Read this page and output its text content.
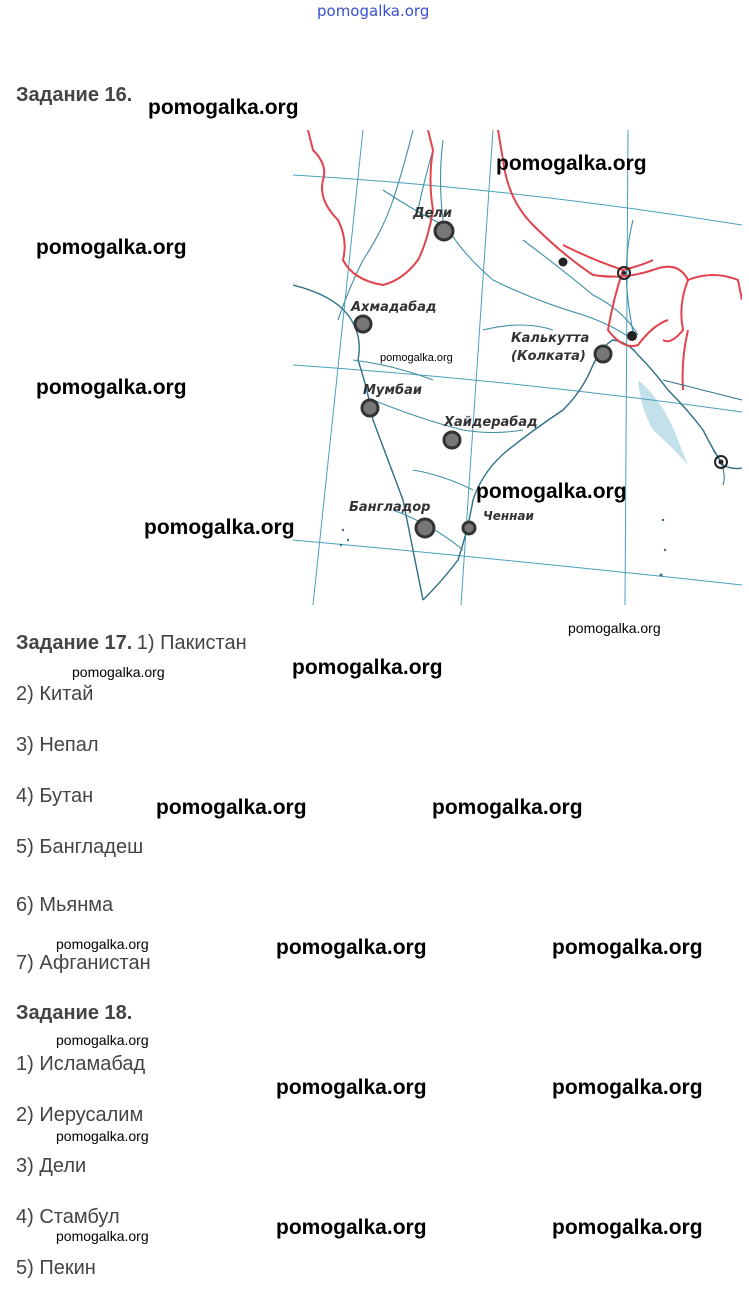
pomogalka.org
Задание 16.
Дели
Ахмадабад
Калькутта
(Колката)
Мумбаи
Хайдерабад
Бангладор
Ченнаи
pomogalka.org
pomogalka.org
pomogalka.org
pomogalka.org
pomogalka.org
pomogalka.org
pomogalka.org
Задание 17. 1) Пакистан
pomogalka.org
pomogalka.org	pomogalka.org
2) Китай
3) Непал
4) Бутан	pomogalka.org	pomogalka.org
5) Бангладеш
6) Мьянма
pomogalka.org	pomogalka.org	pomogalka.org
7) Афганистан
Задание 18.
pomogalka.org
1) Исламабад
pomogalka.org	pomogalka.org
2) Иерусалим
pomogalka.org
3) Дели
4) Стамбул	pomogalka.org	pomogalka.org
pomogalka.org
5) Пекин
